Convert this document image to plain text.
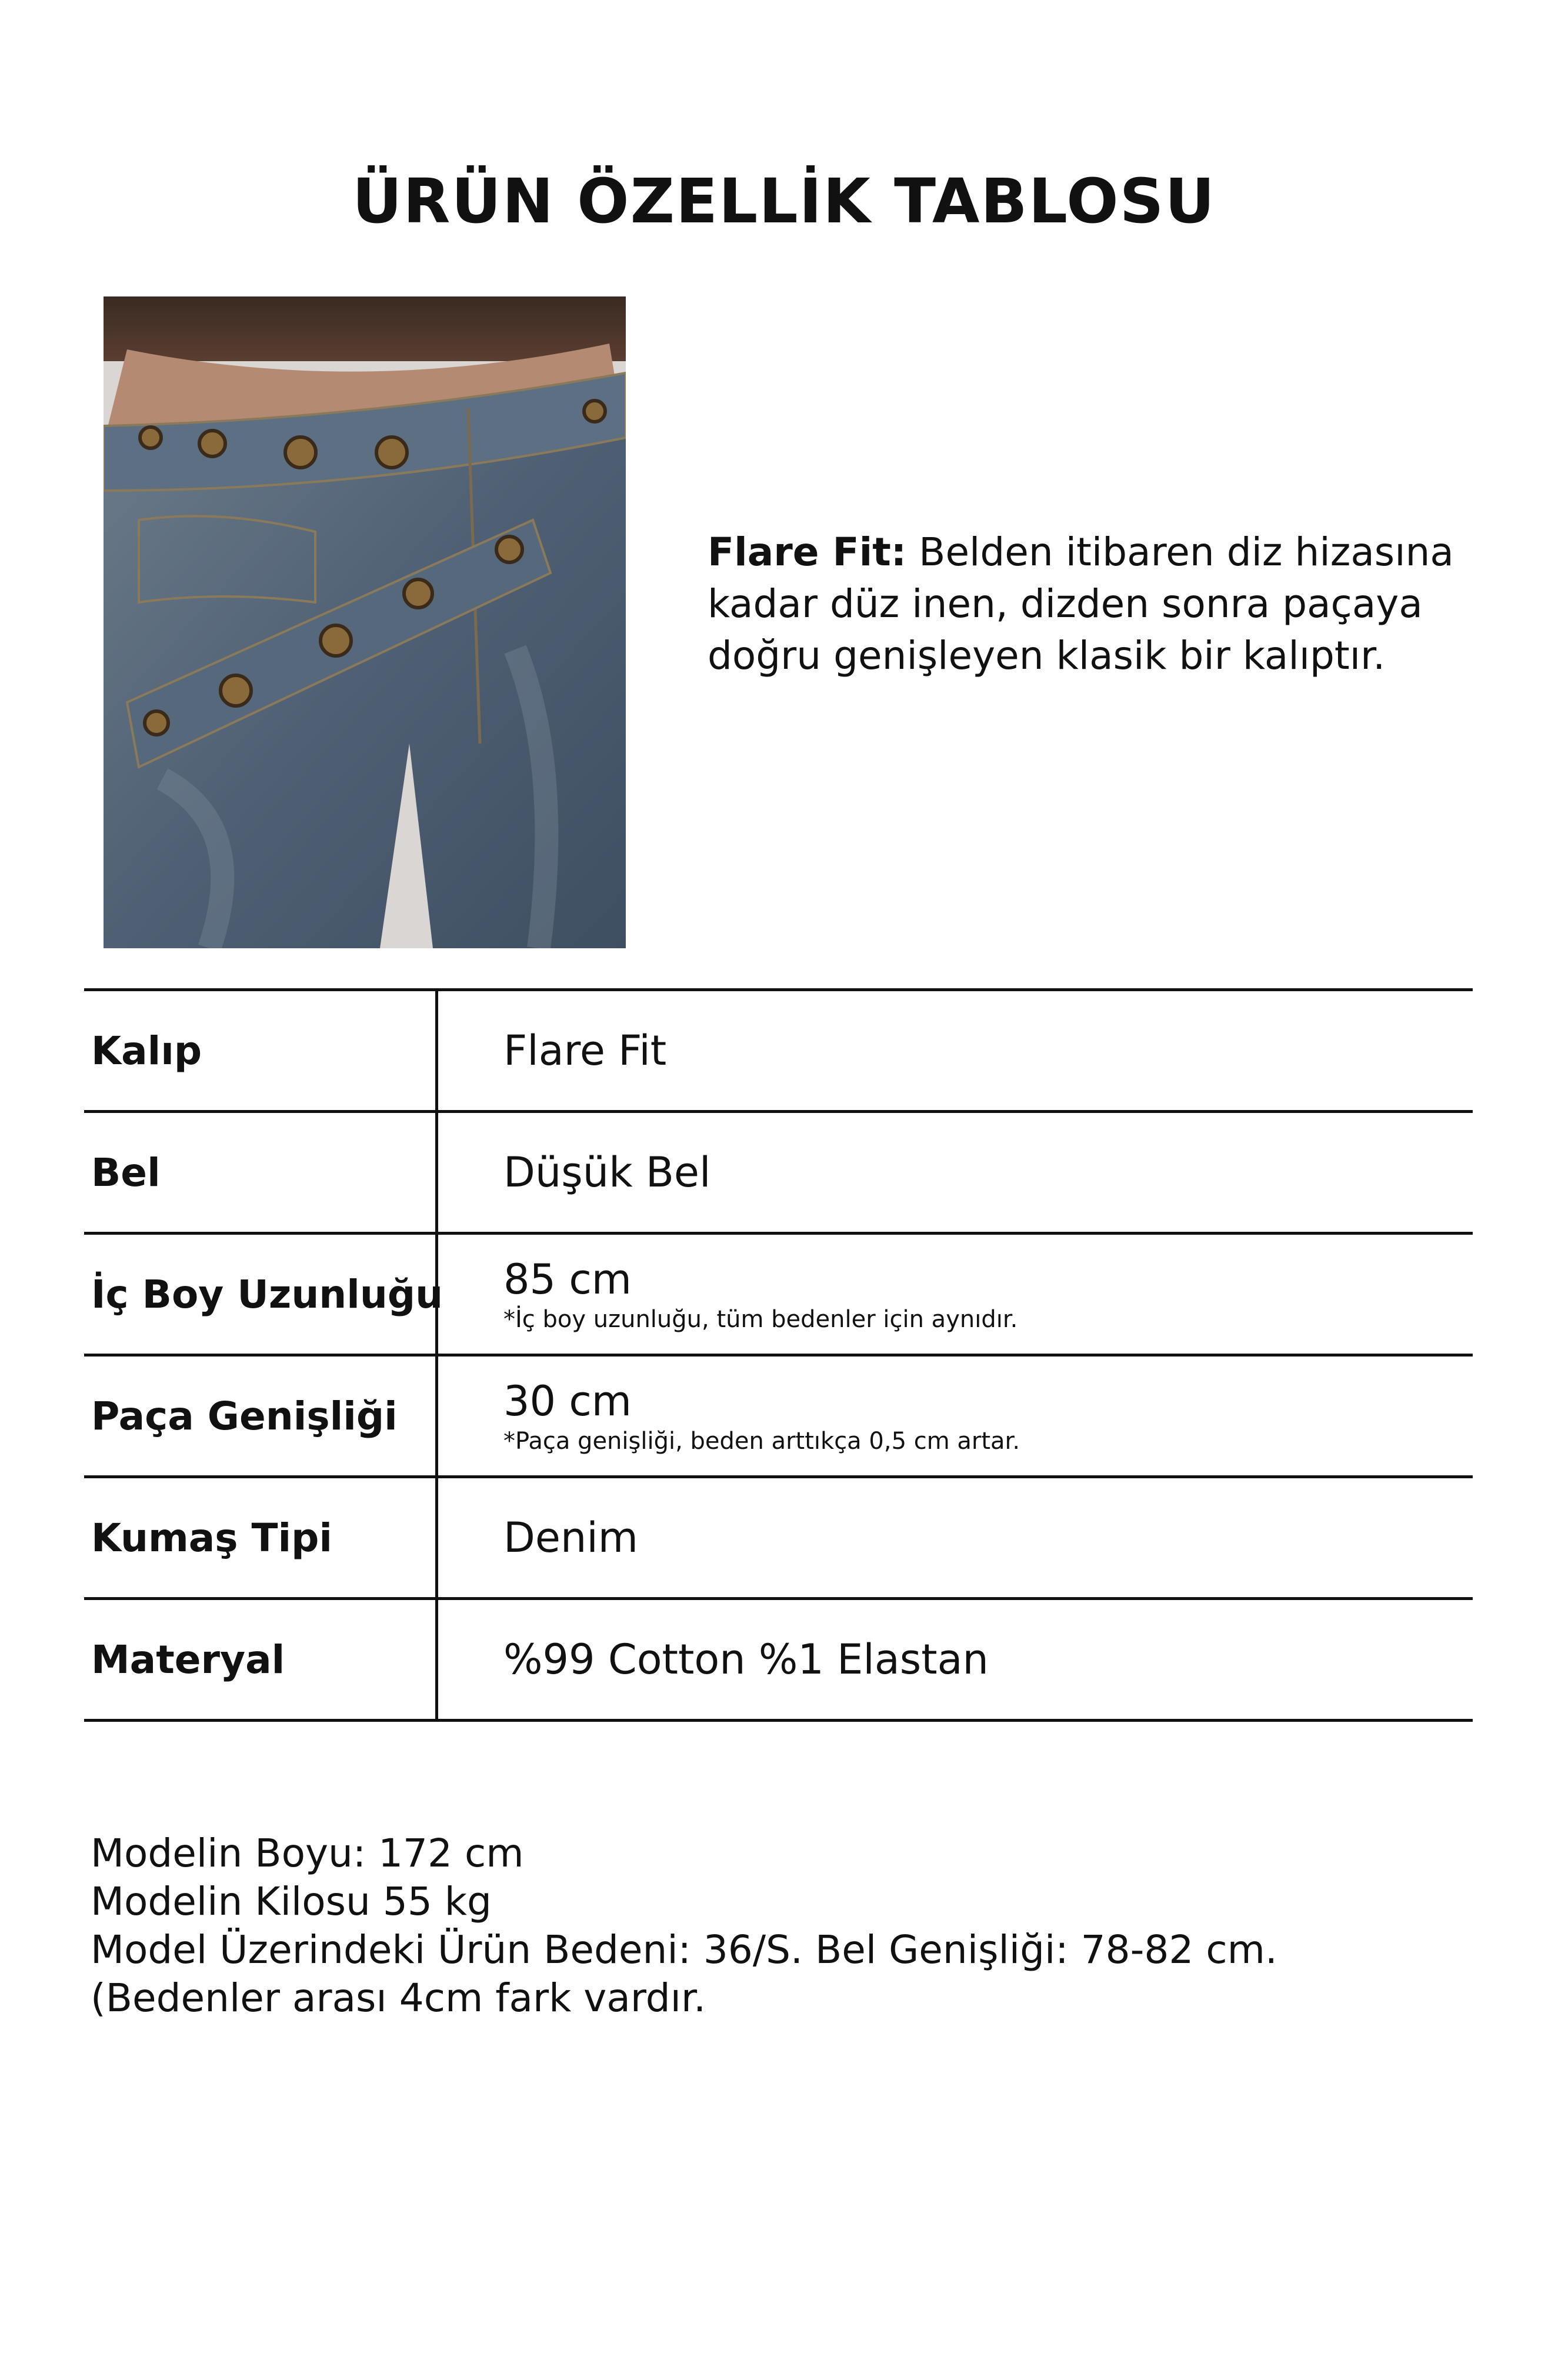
ÜRÜN ÖZELLİK TABLOSU
Flare Fit: Belden itibaren diz hizasına kadar düz inen, dizden sonra paçaya doğru genişleyen klasik bir kalıptır.
Kalıp	Flare Fit
Bel	Düşük Bel
İç Boy Uzunluğu 85 cm
*İç boy uzunluğu, tüm bedenler için aynıdır.
Paça Genişliği	30 cm
*Paça genişliği, beden arttıkça 0,5 cm artar.
Kumaş Tipi	Denim
Materyal	%99 Cotton %1 Elastan
Modelin Boyu: 172 cm
Modelin Kilosu 55 kg
Model Üzerindeki Ürün Bedeni: 36/S. Bel Genişliği: 78-82 cm. (Bedenler arası 4cm fark vardır.
